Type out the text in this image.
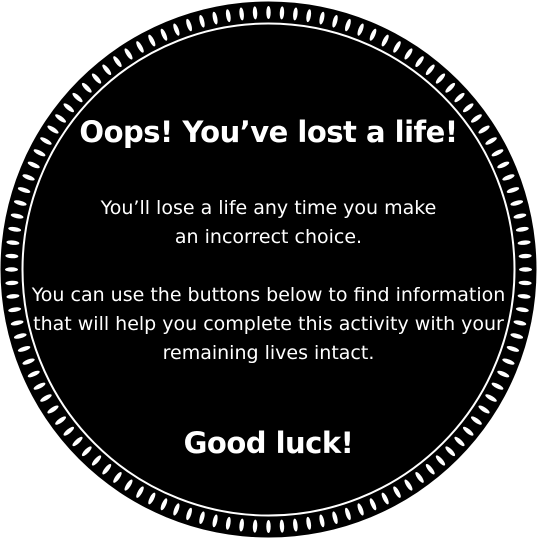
Oops! You’ve lost a life!

You’ll lose a life any time you make
an incorrect choice.

You can use the buttons below to find information
that will help you complete this activity with your
remaining lives intact.

Good luck!
